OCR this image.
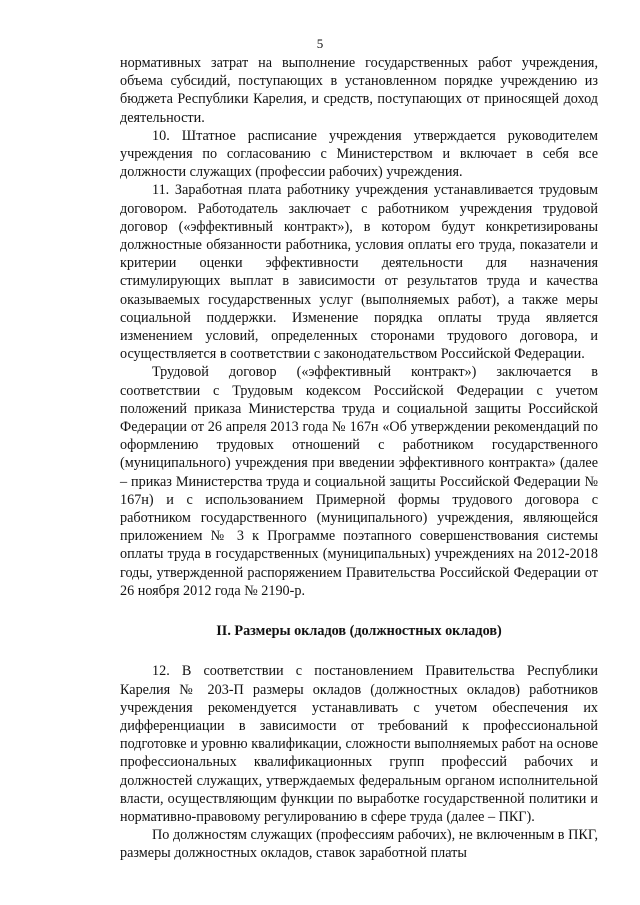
5

нормативных затрат на выполнение государственных работ учреждения, объема субсидий, поступающих в установленном порядке учреждению из бюджета Республики Карелия, и средств, поступающих от приносящей доход деятельности.

10. Штатное расписание учреждения утверждается руководителем учреждения по согласованию с Министерством и включает в себя все должности служащих (профессии рабочих) учреждения.

11. Заработная плата работнику учреждения устанавливается трудовым договором. Работодатель заключает с работником учреждения трудовой договор («эффективный контракт»), в котором будут конкретизированы должностные обязанности работника, условия оплаты его труда, показатели и критерии оценки эффективности деятельности для назначения стимулирующих выплат в зависимости от результатов труда и качества оказываемых государственных услуг (выполняемых работ), а также меры социальной поддержки. Изменение порядка оплаты труда является изменением условий, определенных сторонами трудового договора, и осуществляется в соответствии с законодательством Российской Федерации.

Трудовой договор («эффективный контракт») заключается в соответствии с Трудовым кодексом Российской Федерации с учетом положений приказа Министерства труда и социальной защиты Российской Федерации от 26 апреля 2013 года № 167н «Об утверждении рекомендаций по оформлению трудовых отношений с работником государственного (муниципального) учреждения при введении эффективного контракта» (далее – приказ Министерства труда и социальной защиты Российской Федерации № 167н) и с использованием Примерной формы трудового договора с работником государственного (муниципального) учреждения, являющейся приложением № 3 к Программе поэтапного совершенствования системы оплаты труда в государственных (муниципальных) учреждениях на 2012-2018 годы, утвержденной распоряжением Правительства Российской Федерации от 26 ноября 2012 года № 2190-р.

II. Размеры окладов (должностных окладов)

12. В соответствии с постановлением Правительства Республики Карелия № 203-П размеры окладов (должностных окладов) работников учреждения рекомендуется устанавливать с учетом обеспечения их дифференциации в зависимости от требований к профессиональной подготовке и уровню квалификации, сложности выполняемых работ на основе профессиональных квалификационных групп профессий рабочих и должностей служащих, утверждаемых федеральным органом исполнительной власти, осуществляющим функции по выработке государственной политики и нормативно-правовому регулированию в сфере труда (далее – ПКГ).

По должностям служащих (профессиям рабочих), не включенным в ПКГ, размеры должностных окладов, ставок заработной платы
